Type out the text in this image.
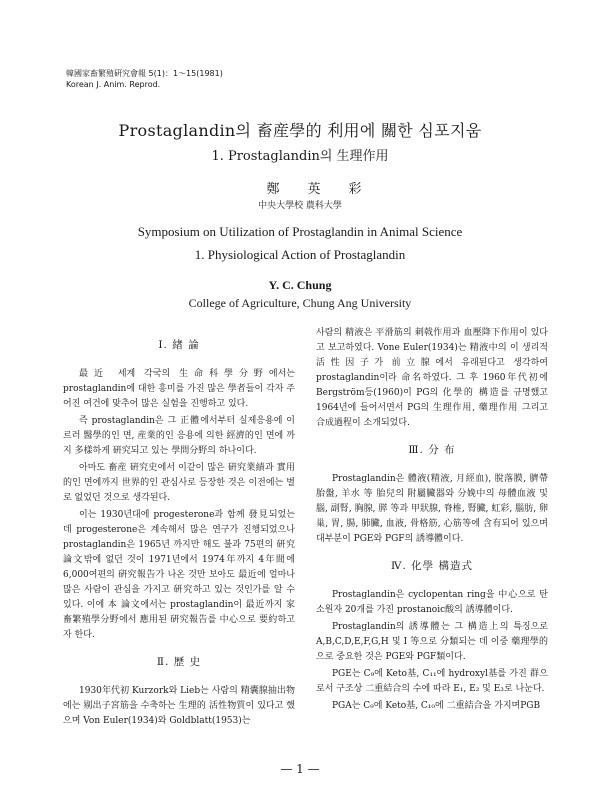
韓國家畜繁殖硏究會報 5(1)：1～15(1981)
Korean J. Anim. Reprod.
Prostaglandin의 畜産學的 利用에 關한 심포지움
1. Prostaglandin의 生理作用
鄭英彩
中央大學校 農科大學
Symposium on Utilization of Prostaglandin in Animal Science
1. Physiological Action of Prostaglandin
Y. C. Chung
College of Agriculture, Chung Ang University
Ⅰ. 緖 論

最近 세계 각국의 生命科學分野에서는 prostaglandin에 대한 흥미를 가진 많은 學者들이 각자 주어진 여건에 맞추어 많은 실험을 진행하고 있다.

즉 prostaglandin은 그 正體에서부터 실제응용에 이르러 醫學的인 면, 産業的인 응용에 의한 經濟的인 면에 까지 多樣하게 硏究되고 있는 學問分野의 하나이다.

아마도 畜産 硏究史에서 이같이 많은 硏究業績과 實用的인 면에까지 世界的인 관심사로 등장한 것은 이전에는 별로 없었던 것으로 생각된다.

이는 1930년대에 progesterone과 함께 發見되었는데 progesterone은 계속해서 많은 연구가 진행되었으나 prostaglandin은 1965년 까지만 해도 불과 75편의 硏究論文밖에 없던 것이 1971년에서 1974年까지 4年間에 6,000여편의 硏究報告가 나온 것만 보아도 最近에 얼마나 많은 사람이 관심을 가지고 硏究하고 있는 것인가를 알 수 있다. 이에 本 論文에서는 prostaglandin이 最近까지 家畜繁殖學分野에서 應用된 硏究報告를 中心으로 要約하고자 한다.

Ⅱ. 歷 史

1930年代初 Kurzork와 Lieb는 사람의 精囊腺抽出物에는 剔出子宮筋을 수축하는 生理的 活性物質이 있다고 했으며 Von Euler(1934)와 Goldblatt(1953)는

사람의 精液은 平滑筋의 刺戟作用과 血壓降下作用이 있다고 보고하였다. Vone Euler(1934)는 精液中의 이 생리적 活性因子가 前立腺에서 유래된다고 생각하여 prostaglandin이라 命名하였다. 그 후 1960年代初에 Bergström등(1960)이 PG의 化學的 構造를 규명했고 1964년에 들어서면서 PG의 生理作用, 藥理作用 그리고 合成過程이 소개되었다.

Ⅲ. 分 布

Prostaglandin은 體液(精液, 月經血), 脫落膜, 臍帶胎盤, 羊水 等 胎兒의 附屬臟器와 分娩中의 母體血液 및 腦, 副腎, 胸腺, 膵 等과 甲狀腺, 脊椎, 腎臟, 虹彩, 腦肪, 卵巢, 胃, 腸, 肺臟, 血液, 骨格筋, 心筋等에 含有되어 있으며 대부분이 PGE와 PGF의 誘導體이다.

Ⅳ. 化學 構造式

Prostaglandin은 cyclopentan ring을 中心으로 탄소원자 20개를 가진 prostanoic酸의 誘導體이다.

Prostaglandin의 誘導體는 그 構造上의 특징으로 A,B,C,D,E,F,G,H 및 I 等으로 分類되는 데 이중 藥理學的으로 중요한 것은 PGE와 PGF類이다.

PGE는 C₉에 Keto基, C₁₁에 hydroxyl基를 가진 群으로서 구조상 二重結合의 수에 따라 E₁, E₂ 및 E₃로 나눈다.

PGA는 C₉에 Keto基, C₁₀에 二重結合을 가지며PGB

— 1 —
